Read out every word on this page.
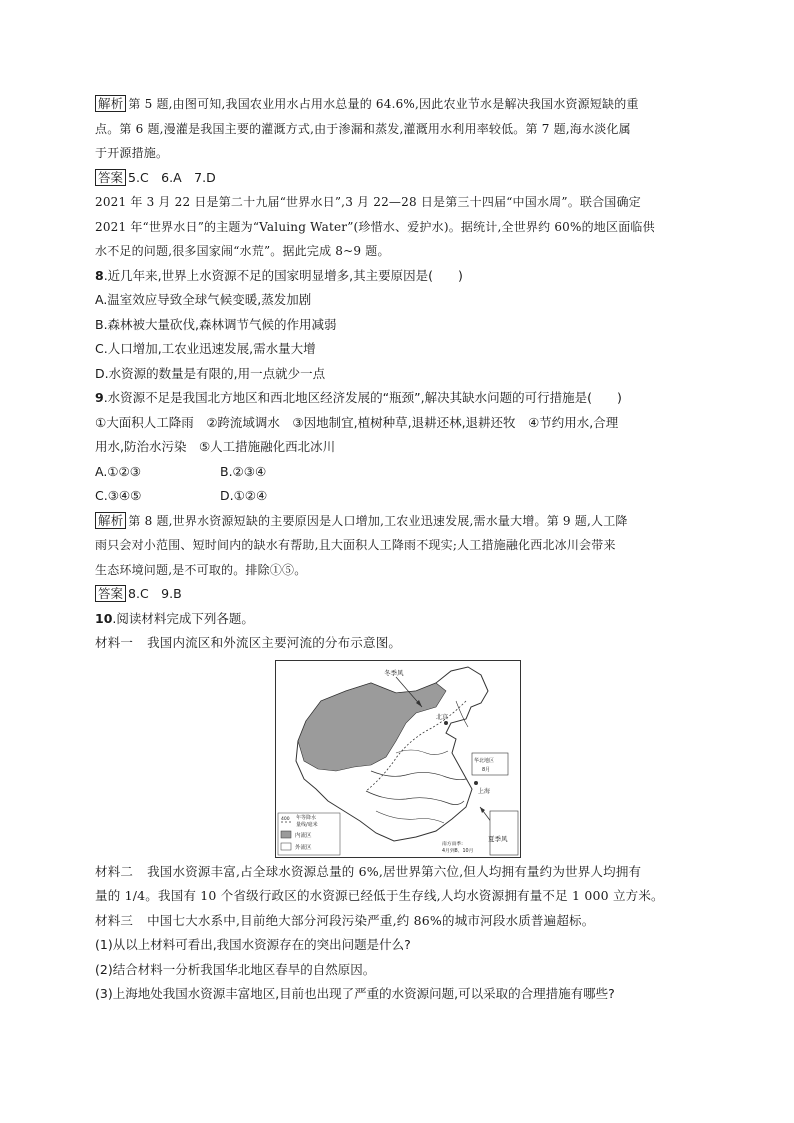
解析 第 5 题,由图可知,我国农业用水占用水总量的 64.6%,因此农业节水是解决我国水资源短缺的重
点。第 6 题,漫灌是我国主要的灌溉方式,由于渗漏和蒸发,灌溉用水利用率较低。第 7 题,海水淡化属
于开源措施。
答案 5.C　6.A　7.D
2021 年 3 月 22 日是第二十九届“世界水日”,3 月 22—28 日是第三十四届“中国水周”。联合国确定
2021 年“世界水日”的主题为“Valuing Water”(珍惜水、爱护水)。据统计,全世界约 60%的地区面临供
水不足的问题,很多国家闹“水荒”。据此完成 8~9 题。
8.近几年来,世界上水资源不足的国家明显增多,其主要原因是(　　)
A.温室效应导致全球气候变暖,蒸发加剧
B.森林被大量砍伐,森林调节气候的作用减弱
C.人口增加,工农业迅速发展,需水量大增
D.水资源的数量是有限的,用一点就少一点
9.水资源不足是我国北方地区和西北地区经济发展的“瓶颈”,解决其缺水问题的可行措施是(　　)
①大面积人工降雨　②跨流域调水　③因地制宜,植树种草,退耕还林,退耕还牧　④节约用水,合理
用水,防治水污染　⑤人工措施融化西北冰川
A.①②③	B.②③④
C.③④⑤	D.①②④
解析 第 8 题,世界水资源短缺的主要原因是人口增加,工农业迅速发展,需水量大增。第 9 题,人工降
雨只会对小范围、短时间内的缺水有帮助,且大面积人工降雨不现实;人工措施融化西北冰川会带来
生态环境问题,是不可取的。排除①⑤。
答案 8.C　9.B
10.阅读材料完成下列各题。
材料一 我国内流区和外流区主要河流的分布示意图。
冬季风
北京
上海
夏季风
华北地区
8月
年等降水
400
量线/毫米
内流区
外流区
南方雨季:
4月到8、10月
材料二 我国水资源丰富,占全球水资源总量的 6%,居世界第六位,但人均拥有量约为世界人均拥有
量的 1/4。我国有 10 个省级行政区的水资源已经低于生存线,人均水资源拥有量不足 1 000 立方米。
材料三 中国七大水系中,目前绝大部分河段污染严重,约 86%的城市河段水质普遍超标。
(1)从以上材料可看出,我国水资源存在的突出问题是什么?
(2)结合材料一分析我国华北地区春旱的自然原因。
(3)上海地处我国水资源丰富地区,目前也出现了严重的水资源问题,可以采取的合理措施有哪些?
